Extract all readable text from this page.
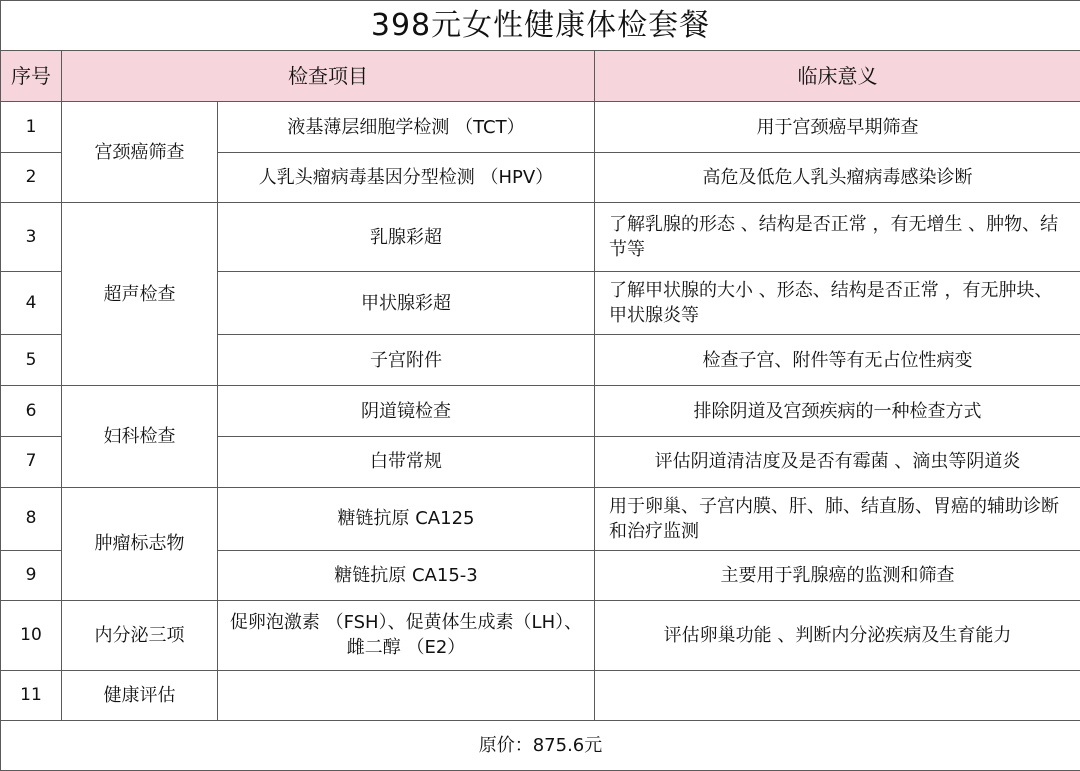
398元女性健康体检套餐			
序号	检查项目		临床意义
1	宫颈癌筛查	液基薄层细胞学检测 （TCT）	用于宫颈癌早期筛查
2		人乳头瘤病毒基因分型检测 （HPV）	高危及低危人乳头瘤病毒感染诊断
3	超声检查	乳腺彩超	了解乳腺的形态 、结构是否正常 ，有无增生 、肿物、结节等
4		甲状腺彩超	了解甲状腺的大小 、形态、结构是否正常 ，有无肿块、甲状腺炎等
5		子宫附件	检查子宫、附件等有无占位性病变
6	妇科检查	阴道镜检查	排除阴道及宫颈疾病的一种检查方式
7		白带常规	评估阴道清洁度及是否有霉菌 、滴虫等阴道炎
8	肿瘤标志物	糖链抗原 CA125	用于卵巢、子宫内膜、肝、肺、结直肠、胃癌的辅助诊断和治疗监测
9		糖链抗原 CA15-3	主要用于乳腺癌的监测和筛查
10	内分泌三项	促卵泡激素 （FSH）、促黄体生成素（LH）、雌二醇 （E2）	评估卵巢功能 、判断内分泌疾病及生育能力
11	健康评估		
原价：875.6元			
